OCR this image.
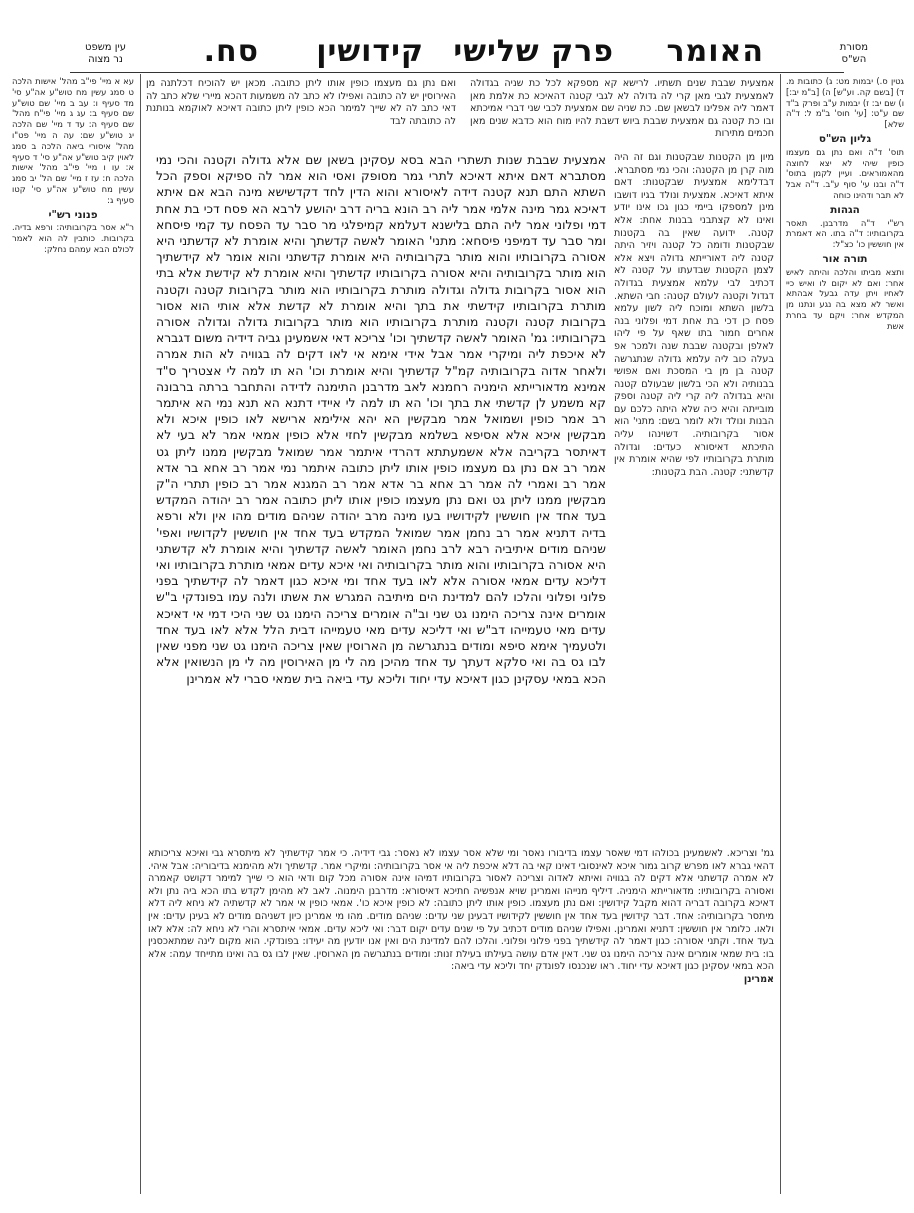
מסורת
הש"ס
האומר
פרק שלישי
קידושין
סח.
עין משפט
נר מצוה

גטין ס.) יבמות מט: ג) כתובות מ. ד) [בשם קה. וע"ש] ה) [ב"מ יב:] ו) שם יב: ז) יבמות ע"ב ופרק ב"ד שם ע"ט: [עי' חוס' ב"מ ל: ד"ה שלא]

גליון הש"ס

תוס' ד"ה ואם נתן גם מעצמו כופין שיהי לא יצא לחוצה מהאמוראים. ועיין לקמן בתוס' ד"ה ובנו עי' סוף ע"ב. ד"ה אבל לא תבר ודהינו כוחה

הגהות

רש"י ד"ה מדרבנן. תאסר בקרובותיו: ד"ה בתו. הא דאמרת אין חוששין כו' כצ"ל:

תורה אור

ותצא מביתו והלכה והיתה לאיש אחר: ואם לא יקום לו ואיש כיי לאחיו ויתן עדה גבעל אבהתא ואשר לא מצא בה נגע ונתנו מן המקדש אחר: ויקם עד בחרת אשת

עא א מיי' פי"ב מהל' אישות הלכה ט סמג עשין מח טוש"ע אה"ע סי' מד סעיף ו: עב ב מיי' שם טוש"ע שם סעיף ב: עג ג מיי' פי"ח מהל' שם סעיף ה: עד ד מיי' שם הלכה יג טוש"ע שם: עה ה מיי' פט"ו מהל' איסורי ביאה הלכה ב סמג לאוין קיב טוש"ע אה"ע סי' ד סעיף א: עו ו מיי' פי"ב מהל' אישות הלכה ח: עז ז מיי' שם הל' יב סמג עשין מח טוש"ע אה"ע סי' קטו סעיף ג:

פנוני רש"י

ר"א אסר בקרובותיה: ורפא בדיה. בקרובות. כותבין לה הוא לאמר לכולם הבא עמהם נחלק:

אמצעית שבבת שנים תשתיו. לרישא קא מספקא לכל כת שניה בגדולה לאמצעית לגבי מאן קרי לה גדולה לא לגבי קטנה דהאיכא כת אלמת מאן דאמר ליה אפלינו לבשאן שם. כת שניה שם אמצעית לכבי שני דברי אמיכתא ובו כת קטנה גם אמצעית שבבת ביוש דשבת להיו מוח הוא כדבא שנים מאן חכמים מתירות

ואם נתן גם מעצמו כופין אותו ליתן כתובה. מכאן יש להוכיח דכלתנה מן האירוסין יש לה כתובה ואפילו לא כתב לה משמעות דהכא מיירי שלא כתב לה דאי כתב לה לא שייך למימר הכא כופין ליתן כתובה דאיכא לאוקמא בנותנת לה כתובתה לבד

מיון מן הקטנות שבקטנות וגם זה היה מוה קרן מן הקטנה: והכי נמי מסתברא. דבדלימא אמצעית שבקטנות: דאם איתא דאיכא. אמצעית ונולד בגיו דושבו מינן למספקו ביימי כגון גכו אינו יודע ואינו לא קצתבני בבנות אחת: אלא קטנה. ידועה שאין בה בקטנות שבקטנות ודומה כל קטנה ויזיר היתה קטנה ליה דאורייתא גדולה ויצא אלא לצמן הקטנות שבדעתו על קטנה לא דכתיב לבי עלמא אמצעית בגדולה דגדול וקטנה לעולם קטנה: חבי השתא. בלשון השתא ומוכח ליה לשון עלמא פסח כן דכי בת אחת דמי ופלוני בנה אחרים חמור בתו שאף על פי ליהו לאלפן ובקטנה שבבת שנה ולמכר אפ בעלה כוב ליה עלמא גדולה שנתגרשה קטנה בן מן בי המסכת ואם אפושי בבנותיה ולא הכי בלשון שבעולם קטנה והיא בגדולה ליה קרי ליה קטנה וספק מובייתה והיא כיה שלא היתה כלכם עם הבנות ונולד ולא לומר בשם: מתני' הוא אסור בקרובותיה. דשוינהו עליה התיכתא דאיסורא כעדים: וגדולה מותרת בקרובותיו לפי שהיא אומרת אין קדשתני: קטנה. הבת בקטנות:

אמצעית שבבת שנות תשתרי הבא בסא עסקינן בשאן שם אלא גדולה וקטנה והכי נמי מסתברא דאם איתא דאיכא לתרי גמר מסופק ואסי הוא אמר לה ספיקא וספק הכל השתא התם תנא קטנה דידה לאיסורא והוא הדין לחד דקדשישא מינה הבא אם איתא דאיכא גמר מינה אלמי אמר ליה רב הונא בריה דרב יהושע לרבא הא פסח דכי בת אחת דמי ופלוני אמר ליה התם בלישנא דעלמא קמיפלגי מר סבר עד הפסח עד קמי פיסחא ומר סבר עד דמיפני פיסחא: מתני' האומר לאשה קדשתך והיא אומרת לא קדשתני היא אסורה בקרובותיו והוא מותר בקרובותיה היא אומרת קדשתני והוא אומר לא קידשתיך הוא מותר בקרובותיה והיא אסורה בקרובותיו קדשתיך והיא אומרת לא קידשת אלא בתי הוא אסור בקרובות גדולה וגדולה מותרת בקרובותיו הוא מותר בקרובות קטנה וקטנה מותרת בקרובותיו קידשתי את בתך והיא אומרת לא קדשת אלא אותי הוא אסור בקרובות קטנה וקטנה מותרת בקרובותיו הוא מותר בקרובות גדולה וגדולה אסורה בקרובותיו: גמ' האומר לאשה קדשתיך וכו' צריכא דאי אשמעינן גביה דידיה משום דגברא לא איכפת ליה ומיקרי אמר אבל אידי אימא אי לאו דקים לה בגוויה לא הות אמרה ולאחר אדוה בקרובותיה קמ"ל קדשתיך והיא אומרת וכו' הא תו למה לי אצטריך ס"ד אמינא מדאורייתא הימניה רחמנא לאב מדרבנן התימנה לדידה והתחבר ברתה ברבונה קא משמע לן קדשתי את בתך וכו' הא תו למה לי איידי דתנא הא תנא נמי הא איתמר רב אמר כופין ושמואל אמר מבקשין הא יהא אילימא ארישא לאו כופין איכא ולא מבקשין איכא אלא אסיפא בשלמא מבקשין לחזי אלא כופין אמאי אמר לא בעי לא דאיתסר בקריבה אלא אשמעתתא דהרדי איתמר אמר שמואל מבקשין ממנו ליתן גט אמר רב אם נתן גם מעצמו כופין אותו ליתן כתובה איתמר נמי אמר רב אחא בר אדא אמר רב ואמרי לה אמר רב אחא בר אדא אמר רב המגנא אמר רב כופין תתרי ה"ק מבקשין ממנו ליתן גט ואם נתן מעצמו כופין אותו ליתן כתובה אמר רב יהודה המקדש בעד אחד אין חוששין לקידושיו בעו מינה מרב יהודה שניהם מודים מהו אין ולא ורפא בדיה דתניא אמר רב נחמן אמר שמואל המקדש בעד אחד אין חוששין לקדושיו ואפי' שניהם מודים איתיביה רבא לרב נחמן האומר לאשה קדשתיך והיא אומרת לא קדשתני היא אסורה בקרובותיו והוא מותר בקרובותיה ואי איכא עדים אמאי מותרת בקרובותיו ואי דליכא עדים אמאי אסורה אלא לאו בעד אחד ומי איכא כגון דאמר לה קידשתיך בפני פלוני ופלוני והלכו להם למדינת הים מיתיבה המגרש את אשתו ולנה עמו בפונדקי ב"ש אומרים אינה צריכה הימנו גט שני וב"ה אומרים צריכה הימנו גט שני היכי דמי אי דאיכא עדים מאי טעמייהו דב"ש ואי דליכא עדים מאי טעמייהו דבית הלל אלא לאו בעד אחד ולטעמיך אימא סיפא ומודים בנתגרשה מן הארוסין שאין צריכה הימנו גט שני מפני שאין לבו גס בה ואי סלקא דעתך עד אחד מהיכן מה לי מן האירוסין מה לי מן הנשואין אלא הכא במאי עסקינן כגון דאיכא עדי יחוד וליכא עדי ביאה בית שמאי סברי לא אמרינן

גמ' וצריכא. לאשמעינן בכולהו דמי שאסר עצמו בדיבורו נאסר ומי שלא אסר עצמו לא נאסר: גבי דידיה. כי אמר קידשתיך לא מיתסרא גבי ואיכא צריכותא דהאי גברא לאו מפרש קרוב גמור איכא לאינסובי דאינו קאי בה דלא איכפת ליה אי אסר בקרובותיה: ומיקרי אמר. קדשתיך ולא מהימנא בדיבוריה: אבל איהי. לא אמרה קדשתני אלא דקים לה בגוויה ואיתא לאדוה וצריכה לאסור בקרובותיו דמיהו אינה אסורה מכל קום ודאי הוא כי שייך למימר דקושט קאמרה ואסורה בקרובותיו: מדאורייתא הימניה. דיליף מנייהו ואמרינן שויא אנפשיה חתיכא דאיסורא: מדרבנן הימנוה. לאב לא מהימן לקדש בתו הכא ביה נתן ולא דאיכא בקרובה דבריה דהוא מקבל קידושין: ואם נתן מעצמו. כופין אותו ליתן כתובה: לא כופין איכא כו'. אמאי כופין אי אמר לא קדשתיה לא ניחא ליה דלא מיתסר בקרובותיה: אחד. דבר קידושין בעד אחד אין חוששין לקידושיו דבעינן שני עדים: שניהם מודים. מהו מי אמרינן כיון דשניהם מודים לא בעינן עדים: אין ולאו. כלומר אין חוששין: דתניא ואמרינן. ואפילו שניהם מודים דכתיב על פי שנים עדים יקום דבר: ואי ליכא עדים. אמאי איתסרא והרי לא ניחא לה: אלא לאו בעד אחד. וקתני אסורה: כגון דאמר לה קידשתיך בפני פלוני ופלוני. והלכו להם למדינת הים ואין אנו יודעין מה יעידו: בפונדקי. הוא מקום לינה שמתאכסנין בו: בית שמאי אומרים אינה צריכה הימנו גט שני. דאין אדם עושה בעילתו בעילת זנות: ומודים בנתגרשה מן הארוסין. שאין לבו גס בה ואינו מתייחד עמה: אלא הכא במאי עסקינן כגון דאיכא עדי יחוד. ראו שנכנסו לפונדק יחד וליכא עדי ביאה:

אמרינן
